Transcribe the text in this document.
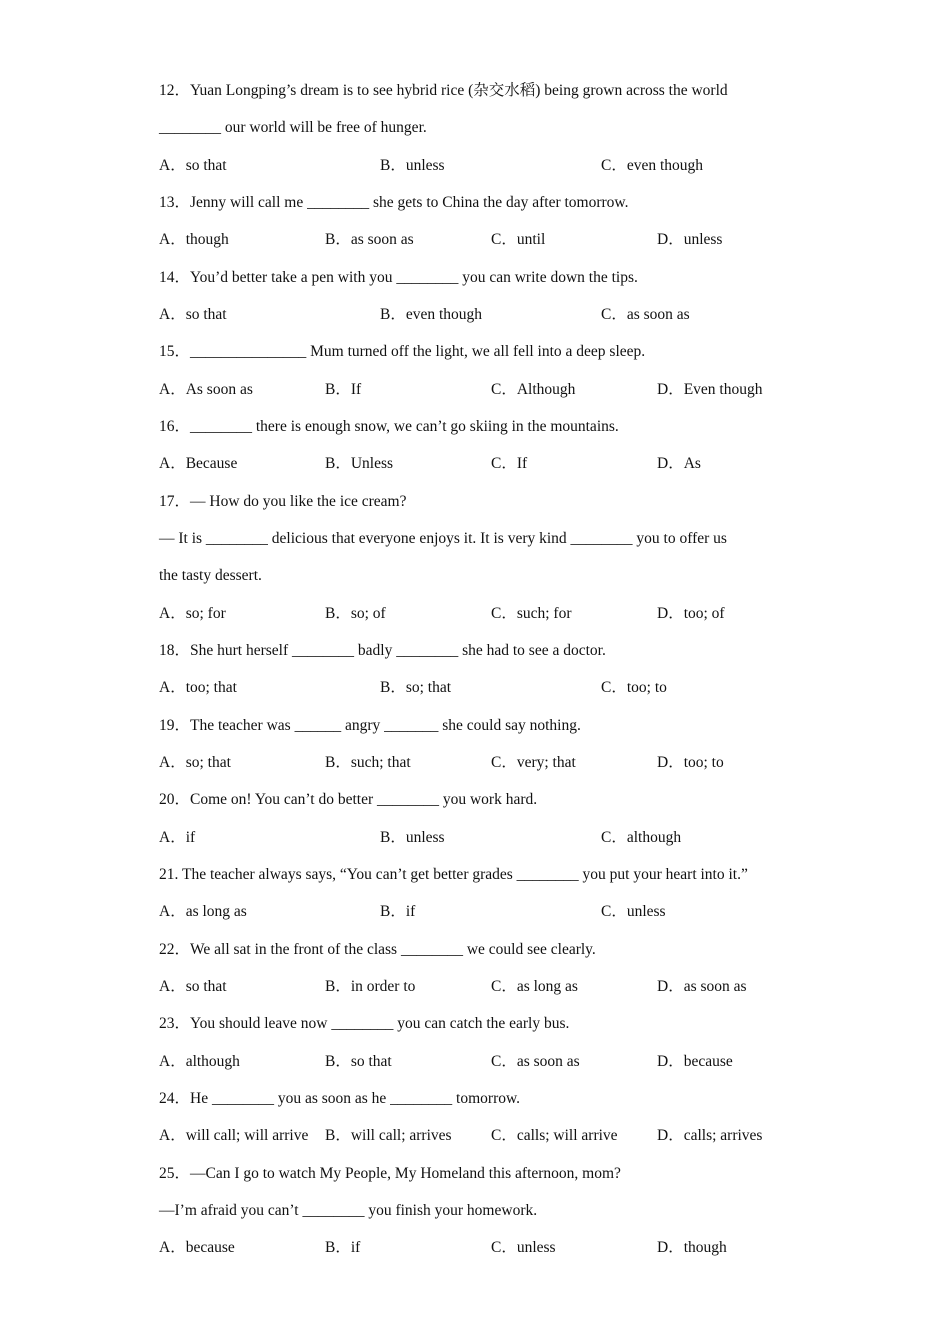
12．Yuan Longping’s dream is to see hybrid rice (杂交水稻) being grown across the world
________ our world will be free of hunger.
A．so that	B．unless	C．even though
13．Jenny will call me ________ she gets to China the day after tomorrow.
A．though	B．as soon as	C．until	D．unless
14．You’d better take a pen with you ________ you can write down the tips.
A．so that	B．even though	C．as soon as
15．_______________ Mum turned off the light, we all fell into a deep sleep.
A．As soon as	B．If	C．Although	D．Even though
16．________ there is enough snow, we can’t go skiing in the mountains.
A．Because	B．Unless	C．If	D．As
17．— How do you like the ice cream?
— It is ________ delicious that everyone enjoys it. It is very kind ________ you to offer us
the tasty dessert.
A．so; for	B．so; of	C．such; for	D．too; of
18．She hurt herself ________ badly ________ she had to see a doctor.
A．too; that	B．so; that	C．too; to
19．The teacher was ______ angry _______ she could say nothing.
A．so; that	B．such; that	C．very; that	D．too; to
20．Come on! You can’t do better ________ you work hard.
A．if	B．unless	C．although
21. The teacher always says, “You can’t get better grades ________ you put your heart into it.”
A．as long as	B．if	C．unless
22．We all sat in the front of the class ________ we could see clearly.
A．so that	B．in order to	C．as long as	D．as soon as
23．You should leave now ________ you can catch the early bus.
A．although	B．so that	C．as soon as	D．because
24．He ________ you as soon as he ________ tomorrow.
A．will call; will arrive B．will call; arrives	C．calls; will arrive	D．calls; arrives
25．—Can I go to watch My People, My Homeland this afternoon, mom?
—I’m afraid you can’t ________ you finish your homework.
A．because	B．if	C．unless	D．though
